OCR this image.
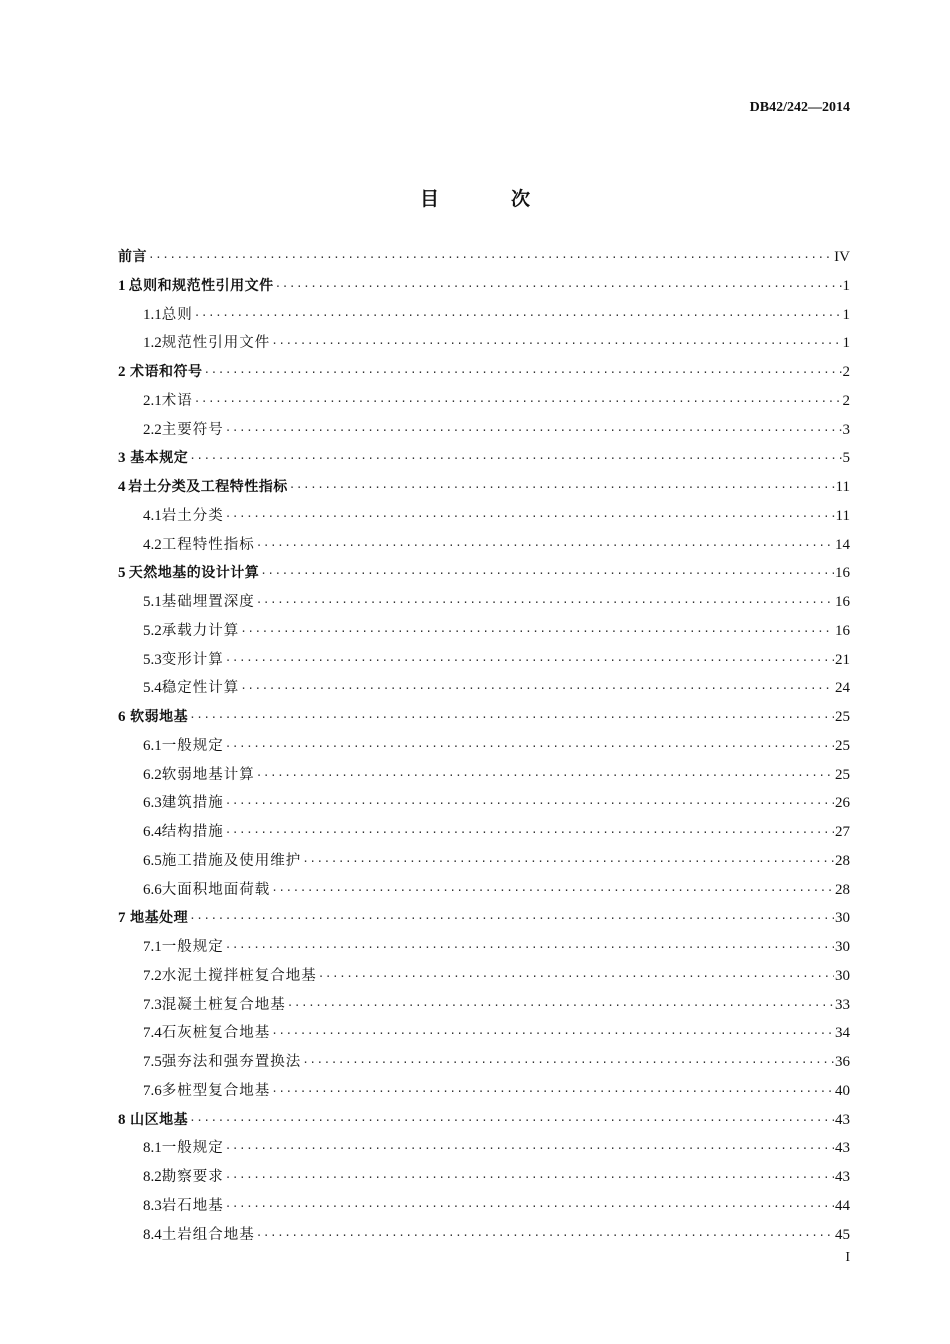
DB42/242—2014
目	次
前言 ·····	IV
1 总则和规范性引用文件 ·····	1
1.1 总则 ·····	1
1.2 规范性引用文件 ·····	1
2 术语和符号 ·····	2
2.1 术语 ·····	2
2.2 主要符号 ·····	3
3 基本规定 ·····	5
4 岩土分类及工程特性指标 ·····	11
4.1 岩土分类 ·····	11
4.2 工程特性指标 ·····	14
5 天然地基的设计计算 ·····	16
5.1 基础埋置深度 ·····	16
5.2 承载力计算 ·····	16
5.3 变形计算 ·····	21
5.4 稳定性计算 ·····	24
6 软弱地基 ·····	25
6.1 一般规定 ·····	25
6.2 软弱地基计算 ·····	25
6.3 建筑措施 ·····	26
6.4 结构措施 ·····	27
6.5 施工措施及使用维护 ·····	28
6.6 大面积地面荷载 ·····	28
7 地基处理 ·····	30
7.1 一般规定 ·····	30
7.2 水泥土搅拌桩复合地基 ·····	30
7.3 混凝土桩复合地基 ·····	33
7.4 石灰桩复合地基 ·····	34
7.5 强夯法和强夯置换法 ·····	36
7.6 多桩型复合地基 ·····	40
8 山区地基 ·····	43
8.1 一般规定 ·····	43
8.2 勘察要求 ·····	43
8.3 岩石地基 ·····	44
8.4 土岩组合地基 ·····	45
I
